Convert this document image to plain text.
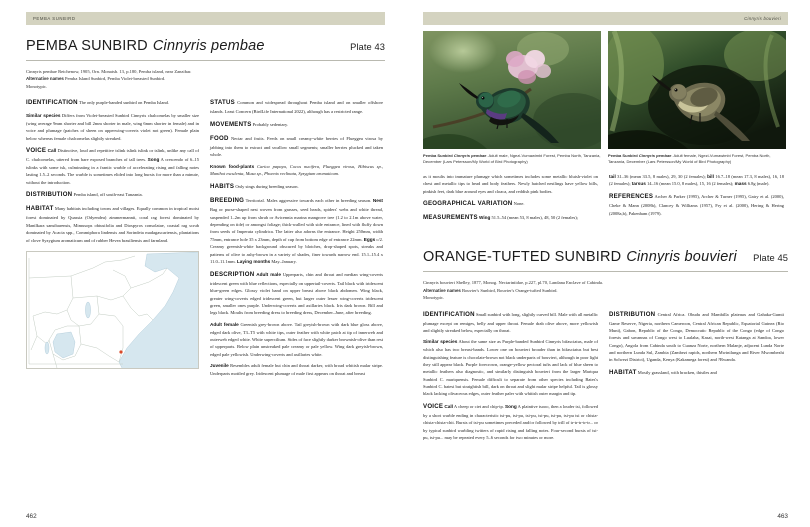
PEMBA SUNBIRD
PEMBA SUNBIRD Cinnyris pembae	Plate 43
Cinnyris pembae Reichenow, 1905, Orn. Monatsb. 13, p.180, Pemba island, near Zanzibar.
Alternative names Pemba Island Sunbird, Pemba Violet-breasted Sunbird.
Monotypic.

IDENTIFICATION The only purple-banded sunbird on Pemba Island.

Similar species Differs from Violet-breasted Sunbird Cinnyris chalcomelas by smaller size (wing average 9mm shorter and bill 2mm shorter in male, wing 6mm shorter in female) and in voice and plumage (patches of sheen on upperwing-coverts violet not green). Female plain below whereas female chalcomelas slightly streaked.

VOICE Call Distinctive, loud and repetitive tslink tslink tslink or tslink, unlike any call of C. chalcomelas, uttered from bare exposed branches of tall trees. Song A crescendo of 6–15 tslinks with some tsk, culminating in a frantic warble of accelerating rising and falling notes lasting 1.5–2 seconds. The warble is sometimes elided into long bursts for more than a minute, without the introduction.

DISTRIBUTION Pemba island, off south-east Tanzania.

HABITAT Many habitats including towns and villages. Equally common in tropical moist forest dominated by Quassia (Odyendea) zimmermannii, coral rag forest dominated by Manilkara sansibarensis, Mimusops obtusifolia and Diospyros consolatae, coastal rag scrub dominated by Acacia spp., Commiphora lindensis and Sorindeia madagascariensis, plantations of clove Syzygium aromaticum and of rubber Hevea brasiliensis and farmland.

STATUS Common and widespread throughout Pemba island and on smaller offshore islands. Least Concern (BirdLife International 2022), although has a restricted range.

MOVEMENTS Probably sedentary.

FOOD Nectar and fruits. Feeds on small creamy-white berries of Flueggea virosa by jabbing into them to extract and swallow small segments; smaller berries plucked and taken whole.

Known food-plants Carica papaya, Cocos nucifera, Flueggea virosa, Hibiscus sp., Manihot esculenta, Musa sp., Phoenix reclinata, Syzygium aromaticum.

HABITS Only sings during breeding season.

BREEDING Territorial. Males aggressive towards each other in breeding season. Nest Bag or purse-shaped nest woven from grasses, seed heads, spiders' webs and white thread, suspended 1–2m up from shrub or Avicennia marina mangrove tree (1.2 to 2.1m above water, depending on tide) or amongst foliage; thick-walled with side entrance, lined with fluffy down from seeds of Imperata cylindrica. The latter also adorns the entrance. Height 250mm, width 75mm, entrance hole 35 x 23mm, depth of cup from bottom edge of entrance 22mm. Eggs c/2. Creamy greenish-white background obscured by blotches, drop-shaped spots, streaks and patterns of olive to ashy-brown in a variety of shades, finer towards narrow end. 15.1–15.4 x 11.0–11.1mm. Laying months May–January.

DESCRIPTION Adult male Upperparts, chin and throat and median wing-coverts iridescent green with blue reflections, especially on uppertail-coverts. Tail black with iridescent blue-green edges. Glossy violet band on upper breast above black abdomen. Wing black, greater wing-coverts edged iridescent green, but larger outer lesser wing-coverts iridescent green, smaller ones purple. Underwing-coverts and axillaries black. Iris dark brown. Bill and legs black. Moults from breeding dress to breeding dress, December–June, after breeding.

Adult female Greenish grey-brown above. Tail greyish-brown with dark blue gloss above, edged dark olive, T3–T5 with white tips, outer feather with white patch at tip of innerweb and outerweb edged white. White supercilium. Sides of face slightly darker brownish-olive than rest of upperparts. Below plain unstreaked pale creamy or pale yellow. Wing dark greyish-brown, edged pale yellowish. Underwing-coverts and axillaries white.

Juvenile Resembles adult female but chin and throat darker, with broad whitish malar stripe. Underparts mottled grey. Iridescent plumage of male first appears on throat and breast

462
Cinnyris bouvieri
Pemba Sunbird Cinnyris pembae. Adult male, Ngezi-Vumawimbi Forest, Pemba North, Tanzania, December (Lars Petersson/My World of Bird Photography)
Pemba Sunbird Cinnyris pembae. Adult female, Ngezi-Vumawimbi Forest, Pemba North, Tanzania, December (Lars Petersson/My World of Bird Photography)

as it moults into immature plumage which sometimes includes some metallic bluish-violet on chest and metallic tips to head and body feathers. Newly hatched nestlings have yellow bills, pinkish feet, dark blue around eyes and cloaca, and reddish pink bodies.

GEOGRAPHICAL VARIATION None.

MEASUREMENTS Wing 51.5–54 (mean 53, 8 males), 48, 50 (2 females);

tail 31–36 (mean 33.5, 8 males), 29, 30 (2 females); bill 16.7–18 (mean 17.3, 8 males), 16, 18 (2 females); tarsus 14–16 (mean 15.0, 8 males), 15, 16 (2 females); mass 6.8g (male).

REFERENCES Archer & Parker (1995), Archer & Turner (1995), Gatry et al. (2000), Cheke & Mann (2008b), Clancey & Williams (1957), Fry et al. (2000), Hering & Hering (2008a,b), Pakenham (1979).

ORANGE-TUFTED SUNBIRD Cinnyris bouvieri Plate 45
Cinnyris bouvieri Shelley, 1877, Monog. Nectariniidae, p.227, pl.70, Landana Enclave of Cabinda.
Alternative names Bouvier's Sunbird, Bouvier's Orange-tufted Sunbird.
Monotypic.

IDENTIFICATION Small sunbird with long, slightly curved bill. Male with all metallic plumage except on remiges, belly and upper throat. Female drab olive above, more yellowish and slightly streaked below, especially on throat.

Similar species About the same size as Purple-banded Sunbird Cinnyris bifasciatus, male of which also has two breast-bands. Lower one on bouvieri broader than in bifasciatus but best distinguishing feature is chocolate-brown not black underparts of bouvieri, although in poor light they still appear black. Purple forecrown, orange-yellow pectoral tufts and lack of blue sheen to metallic feathers also diagnostic, and similarly distinguish bouvieri from the larger Mariqua Sunbird C. mariquensis. Female difficult to separate from other species including Bates's Sunbird C. batesi but straightish bill, dark on throat and slight malar stripe helpful. Tail is glossy black lacking olivaceous edges, outer feather paler with whitish outer margin and tip.

VOICE Call A cheep or ciet and chip-ip. Song A plaintive tsooo, then a louder tsi, followed by a short warble ending in characteristic tsi-pu, tsi-pu, tsi-pu, tsi-pu, tsi-pu, tsi-pu tsi or chista-chista-chista-chit. Bursts of tsi-pu sometimes preceded and/or followed by trill of tr-tr-tr-tr-tr... or by typical sunbird warbling twitters of rapid rising and falling notes. Four-second bursts of tsi-pu, tsi-pu... may be repeated every 5–6 seconds for two minutes or more.

DISTRIBUTION Central Africa. Obudu and Mambilla plateaux and Gahaka-Gumti Game Reserve, Nigeria, northern Cameroon, Central African Republic, Equatorial Guinea (Rio Muni), Gabon, Republic of the Congo, Democratic Republic of the Congo (edge of Congo forests and savannas of Congo west to Lualaba, Kasai, north-west Katanga at Sandoa, lower Congo), Angola from Cabinda south to Cuanza Norte, northern Malanje, adjacent Lunda Norte and northern Lunda Sul, Zambia (Zambezi rapids, northern Mwinilunga and River Mwombezhi in Solwezi District), Uganda, Kenya (Kakamega forest) and ?Rwanda.

HABITAT Mostly grassland, with bracken, thistles and

463
